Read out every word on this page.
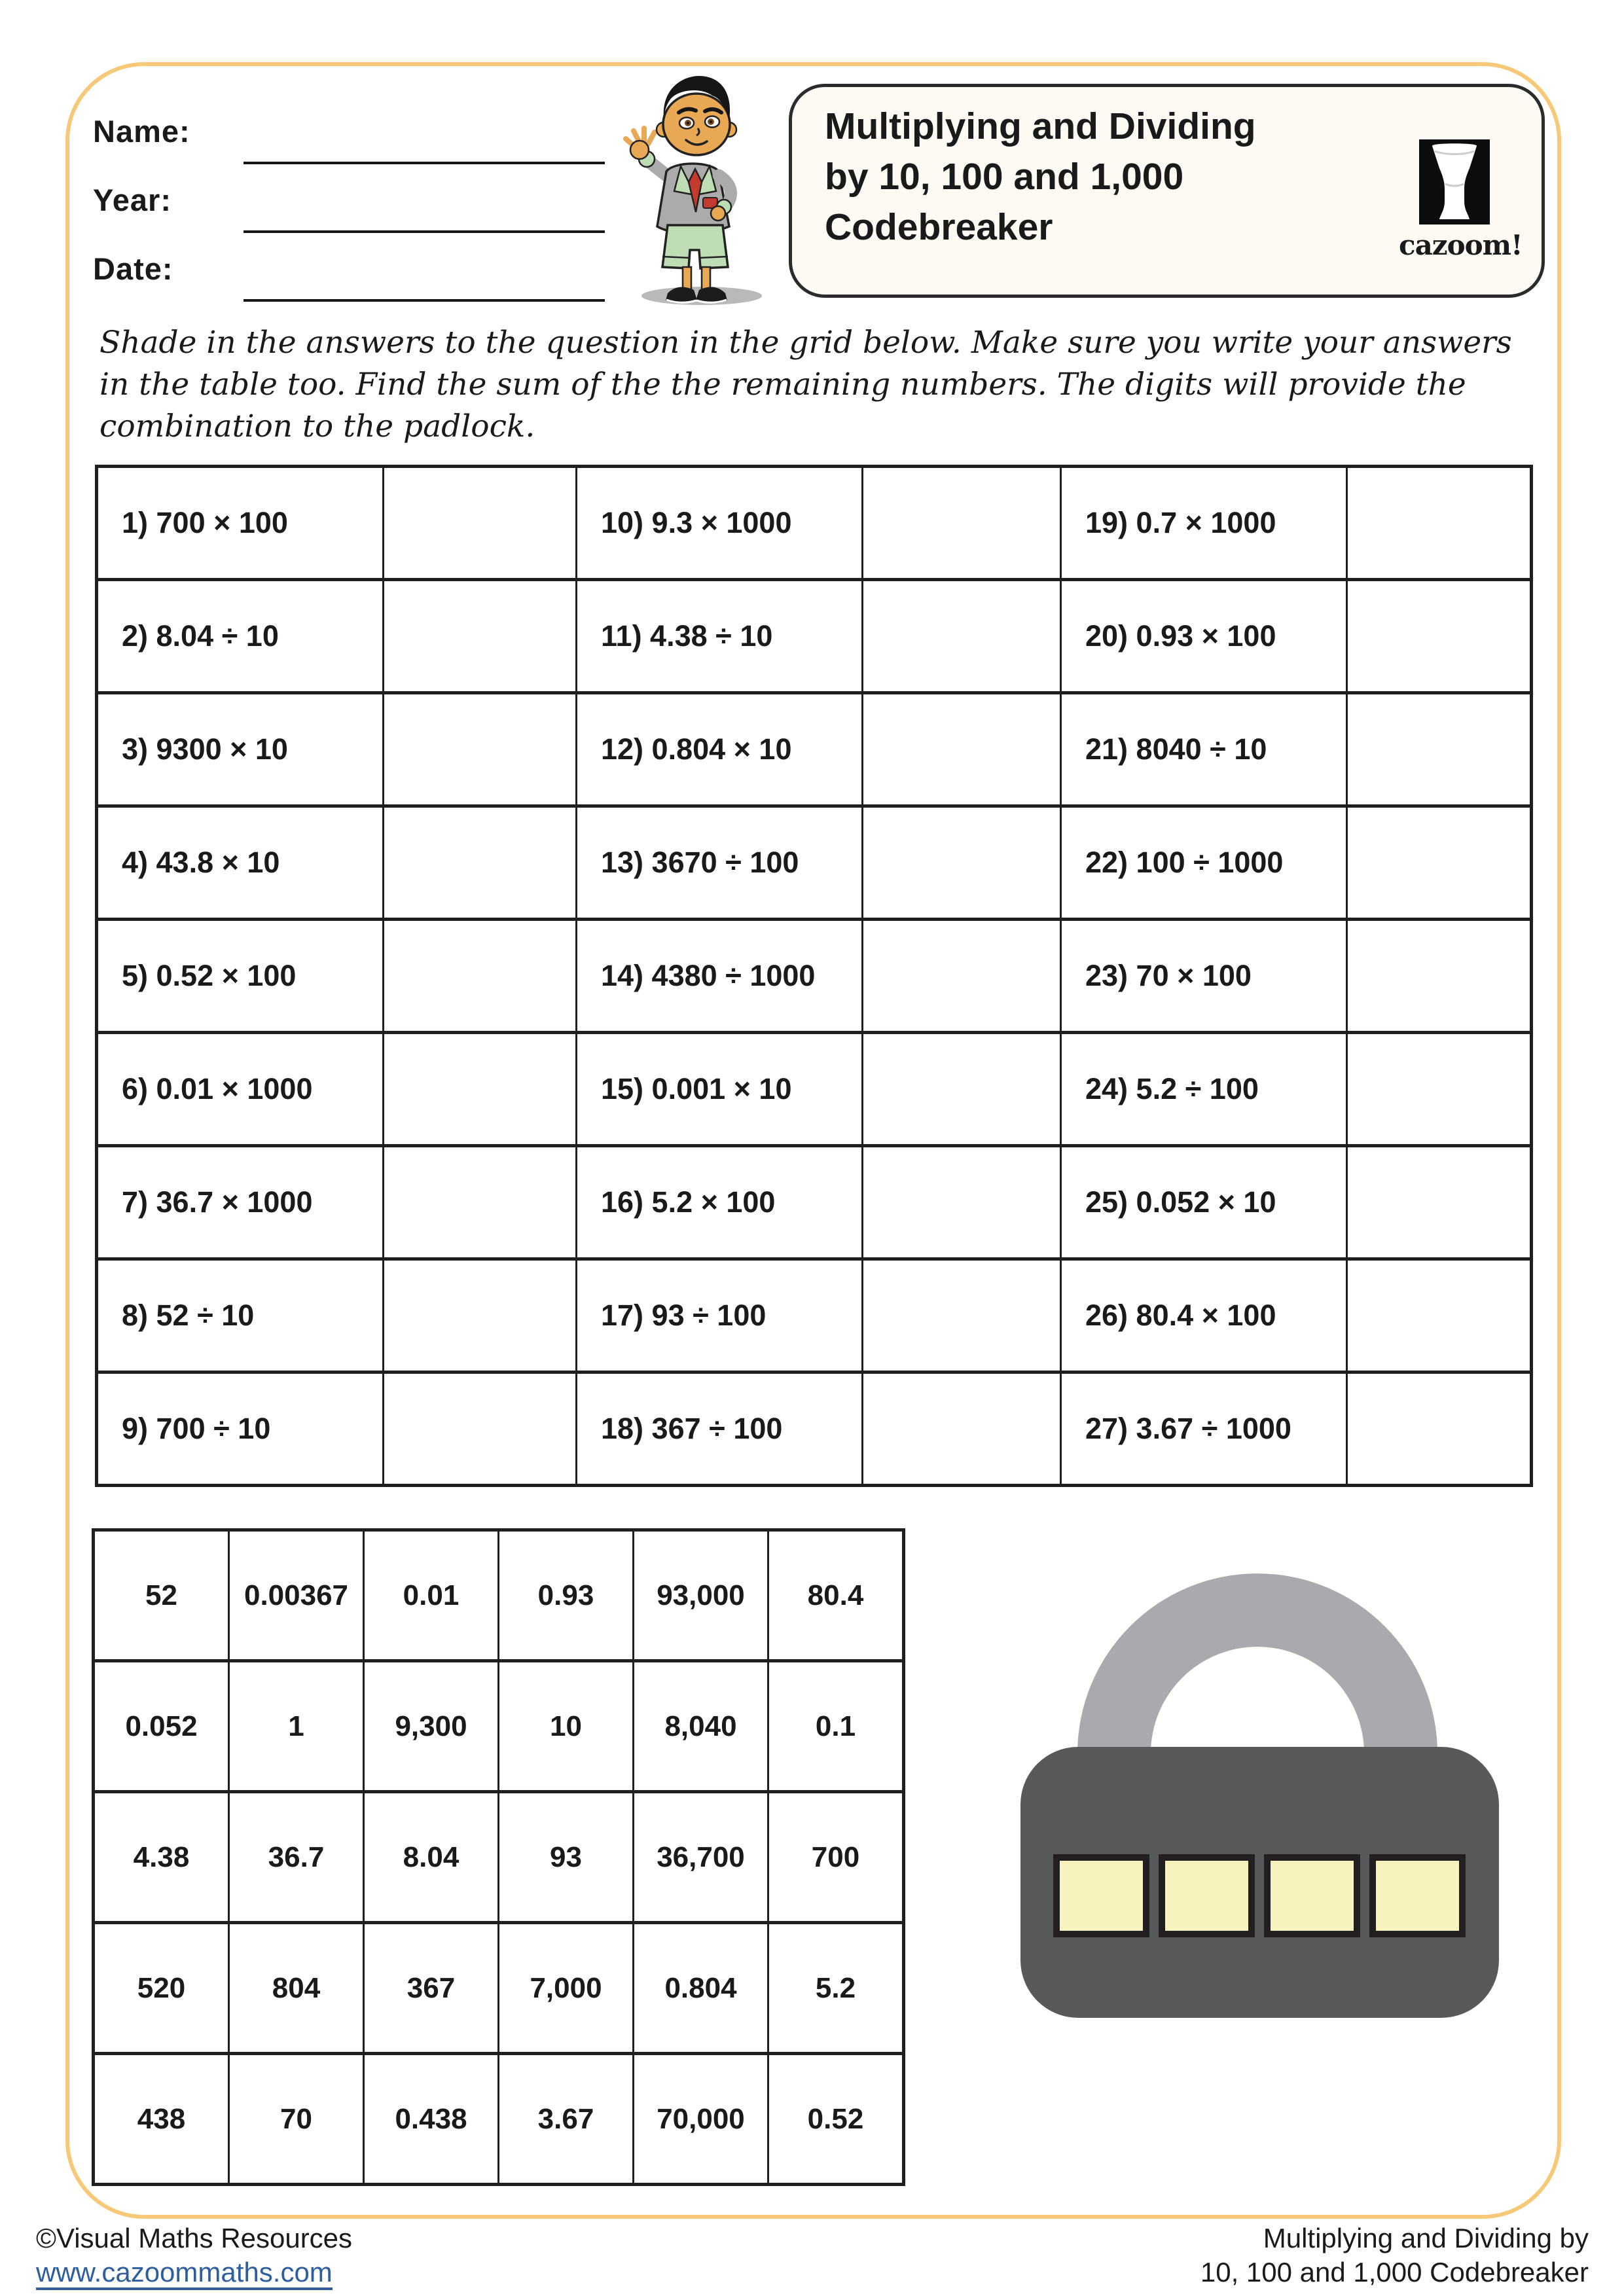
Name:
Year:
Date:
Multiplying and Dividing
by 10, 100 and 1,000
Codebreaker	cazoom!
Shade in the answers to the question in the grid below. Make sure you write your answers in the table too. Find the sum of the the remaining numbers. The digits will provide the combination to the padlock.
1) 700 × 100	10) 9.3 × 1000	19) 0.7 × 1000
2) 8.04 ÷ 10	11) 4.38 ÷ 10	20) 0.93 × 100
3) 9300 × 10	12) 0.804 × 10	21) 8040 ÷ 10
4) 43.8 × 10	13) 3670 ÷ 100	22) 100 ÷ 1000
5) 0.52 × 100	14) 4380 ÷ 1000	23) 70 × 100
6) 0.01 × 1000	15) 0.001 × 10	24) 5.2 ÷ 100
7) 36.7 × 1000	16) 5.2 × 100	25) 0.052 × 10
8) 52 ÷ 10	17) 93 ÷ 100	26) 80.4 × 100
9) 700 ÷ 10	18) 367 ÷ 100	27) 3.67 ÷ 1000
52	0.00367	0.01	0.93	93,000	80.4
0.052	1	9,300	10	8,040	0.1
4.38	36.7	8.04	93	36,700	700
520	804	367	7,000	0.804	5.2
438	70	0.438	3.67	70,000	0.52
©Visual Maths Resources
www.cazoommaths.com
Multiplying and Dividing by
10, 100 and 1,000 Codebreaker
